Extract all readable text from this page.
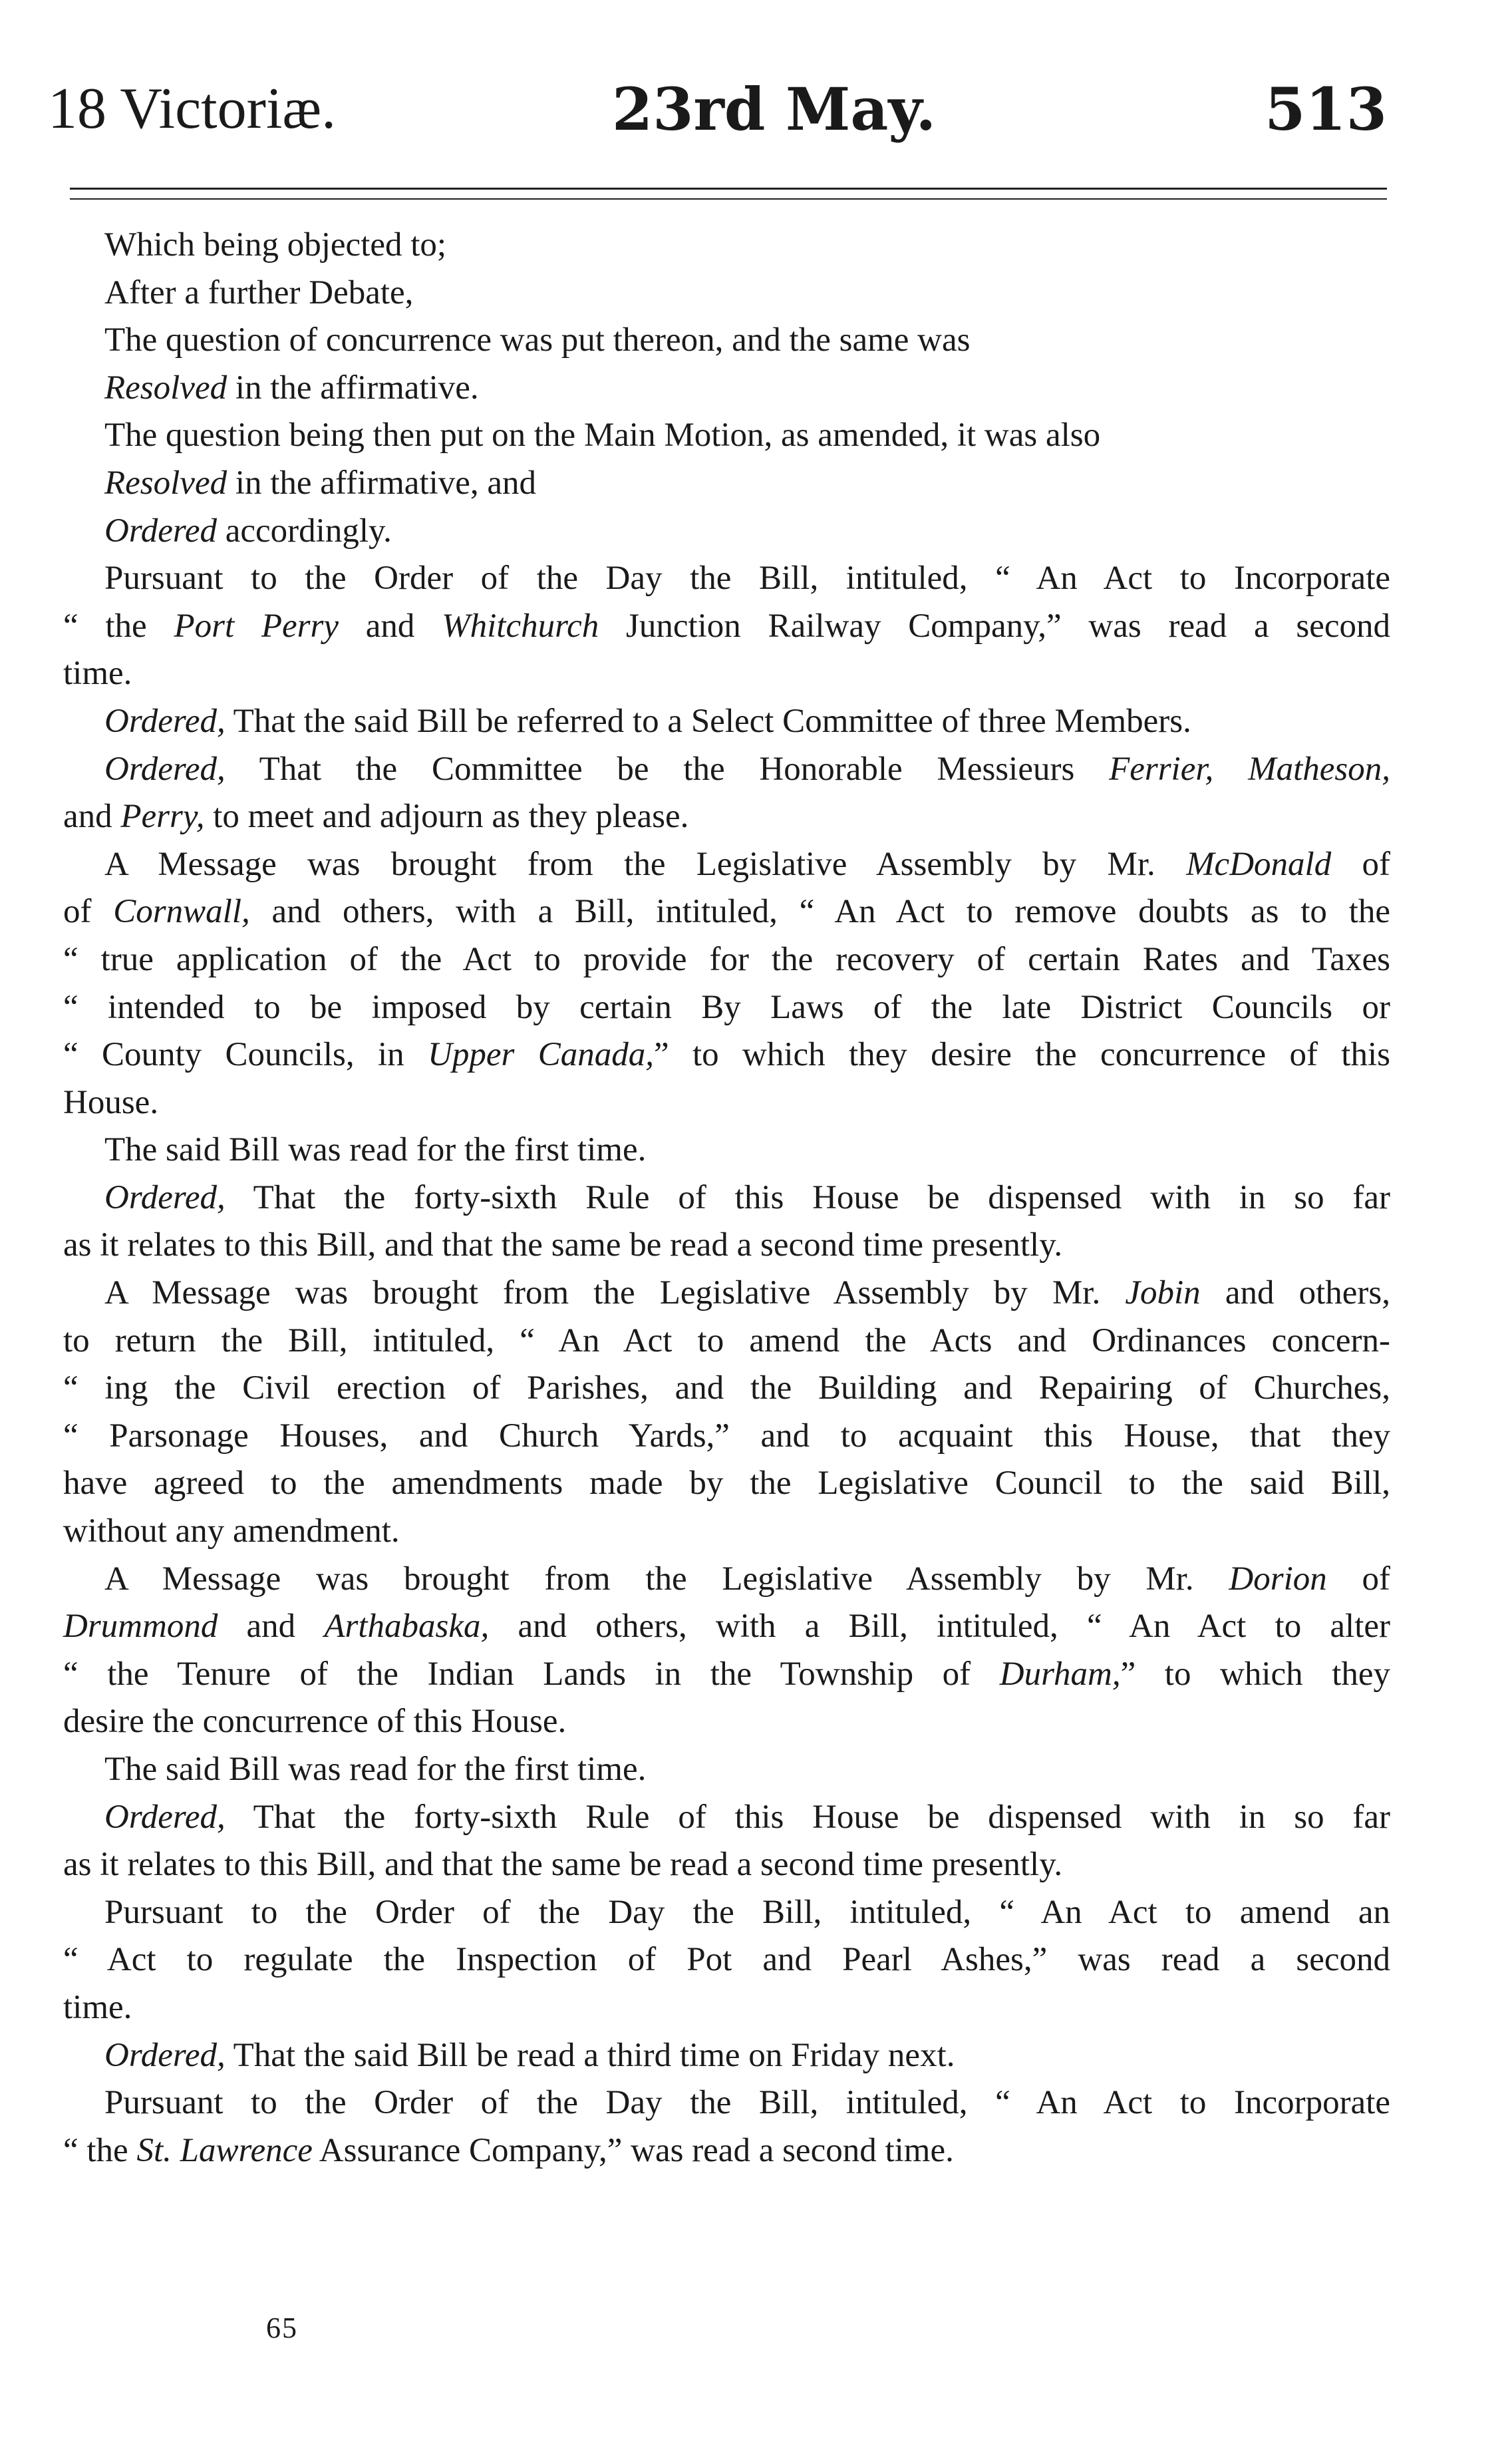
18 Victoriæ.	23rd May.	513
Which being objected to;
After a further Debate,
The question of concurrence was put thereon, and the same was
Resolved in the affirmative.
The question being then put on the Main Motion, as amended, it was also
Resolved in the affirmative, and
Ordered accordingly.
Pursuant to the Order of the Day the Bill, intituled, “ An Act to Incorporate
“ the Port Perry and Whitchurch Junction Railway Company,” was read a second
time.
Ordered, That the said Bill be referred to a Select Committee of three Members.
Ordered, That the Committee be the Honorable Messieurs Ferrier, Matheson,
and Perry, to meet and adjourn as they please.
A Message was brought from the Legislative Assembly by Mr. McDonald of
of Cornwall, and others, with a Bill, intituled, “ An Act to remove doubts as to the
“ true application of the Act to provide for the recovery of certain Rates and Taxes
“ intended to be imposed by certain By Laws of the late District Councils or
“ County Councils, in Upper Canada,” to which they desire the concurrence of this
House.
The said Bill was read for the first time.
Ordered, That the forty-sixth Rule of this House be dispensed with in so far
as it relates to this Bill, and that the same be read a second time presently.
A Message was brought from the Legislative Assembly by Mr. Jobin and others,
to return the Bill, intituled, “ An Act to amend the Acts and Ordinances concern-
“ ing the Civil erection of Parishes, and the Building and Repairing of Churches,
“ Parsonage Houses, and Church Yards,” and to acquaint this House, that they
have agreed to the amendments made by the Legislative Council to the said Bill,
without any amendment.
A Message was brought from the Legislative Assembly by Mr. Dorion of
Drummond and Arthabaska, and others, with a Bill, intituled, “ An Act to alter
“ the Tenure of the Indian Lands in the Township of Durham,” to which they
desire the concurrence of this House.
The said Bill was read for the first time.
Ordered, That the forty-sixth Rule of this House be dispensed with in so far
as it relates to this Bill, and that the same be read a second time presently.
Pursuant to the Order of the Day the Bill, intituled, “ An Act to amend an
“ Act to regulate the Inspection of Pot and Pearl Ashes,” was read a second
time.
Ordered, That the said Bill be read a third time on Friday next.
Pursuant to the Order of the Day the Bill, intituled, “ An Act to Incorporate
“ the St. Lawrence Assurance Company,” was read a second time.
65
